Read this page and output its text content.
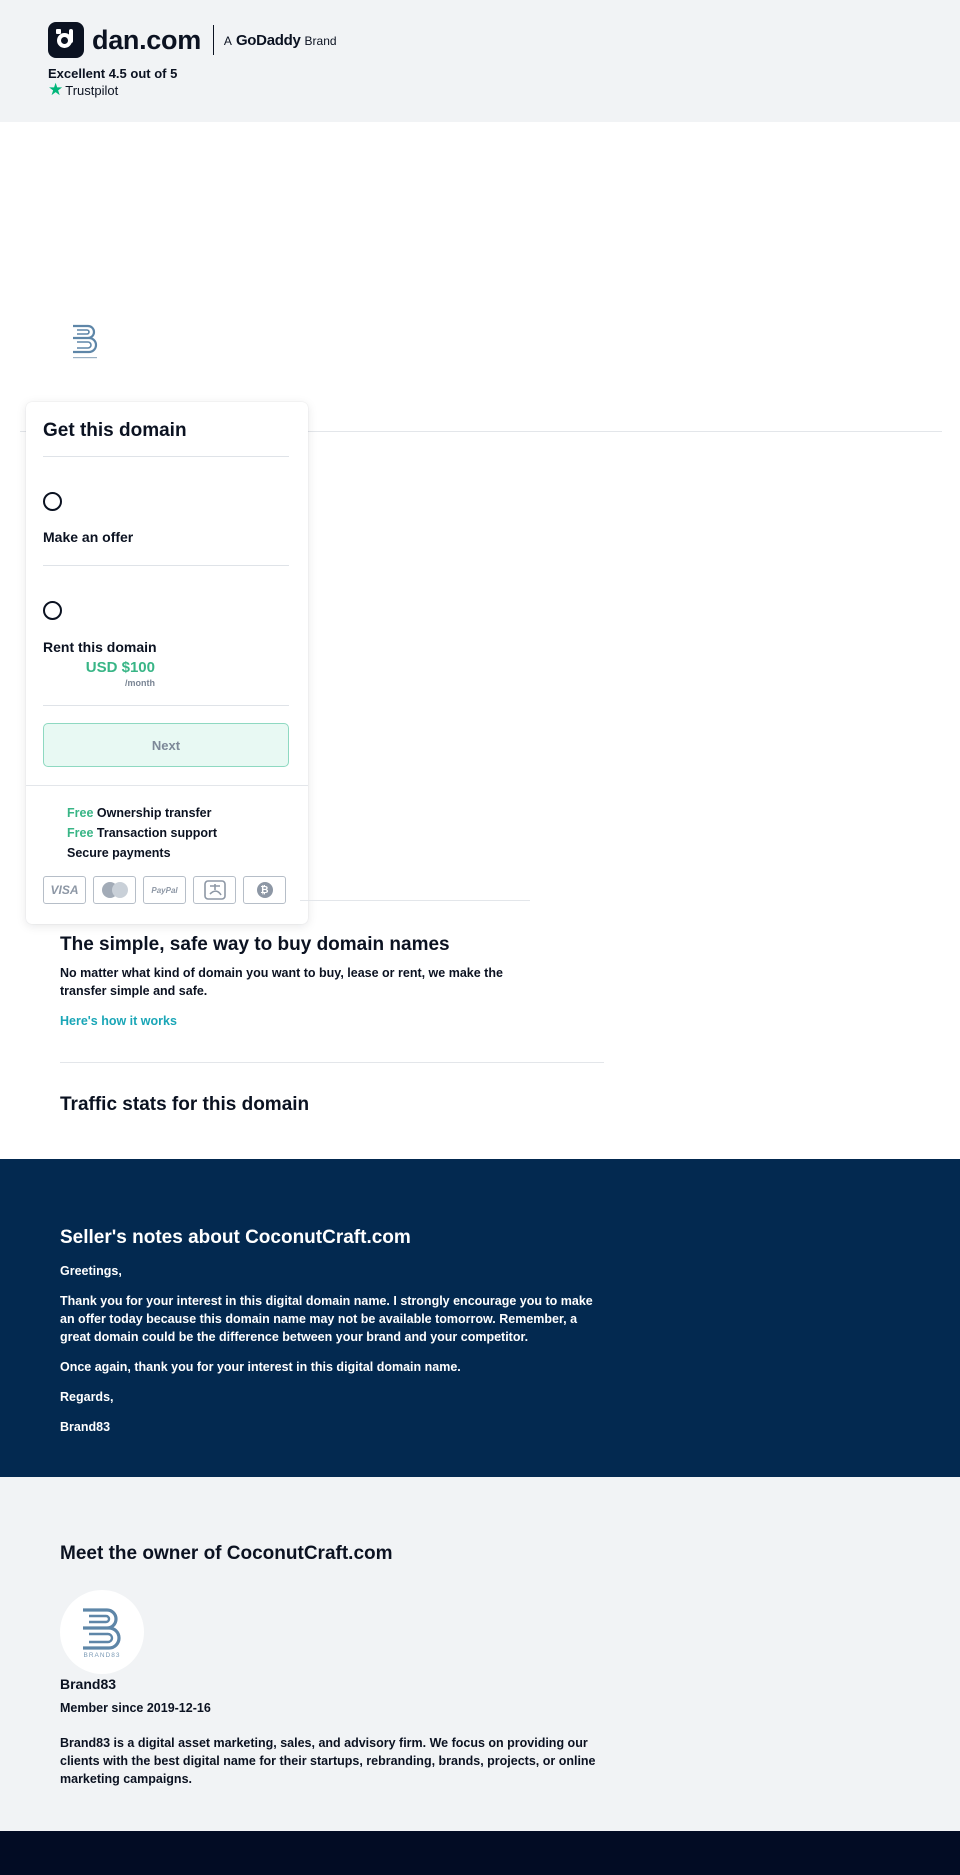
dan.com A GoDaddy Brand
Excellent 4.5 out of 5
★ Trustpilot
Get this domain
Make an offer
Rent this domain
USD $100
/month
Next
Free Ownership transfer
Free Transaction support
Secure payments
VISA	PayPal	₿
The simple, safe way to buy domain names
No matter what kind of domain you want to buy, lease or rent, we make the transfer simple and safe.
Here's how it works
Traffic stats for this domain
Seller's notes about CoconutCraft.com
Greetings,
Thank you for your interest in this digital domain name. I strongly encourage you to make an offer today because this domain name may not be available tomorrow. Remember, a great domain could be the difference between your brand and your competitor.
Once again, thank you for your interest in this digital domain name.
Regards,
Brand83
Meet the owner of CoconutCraft.com
BRAND83
Brand83
Member since 2019-12-16
Brand83 is a digital asset marketing, sales, and advisory firm. We focus on providing our clients with the best digital name for their startups, rebranding, brands, projects, or online marketing campaigns.
